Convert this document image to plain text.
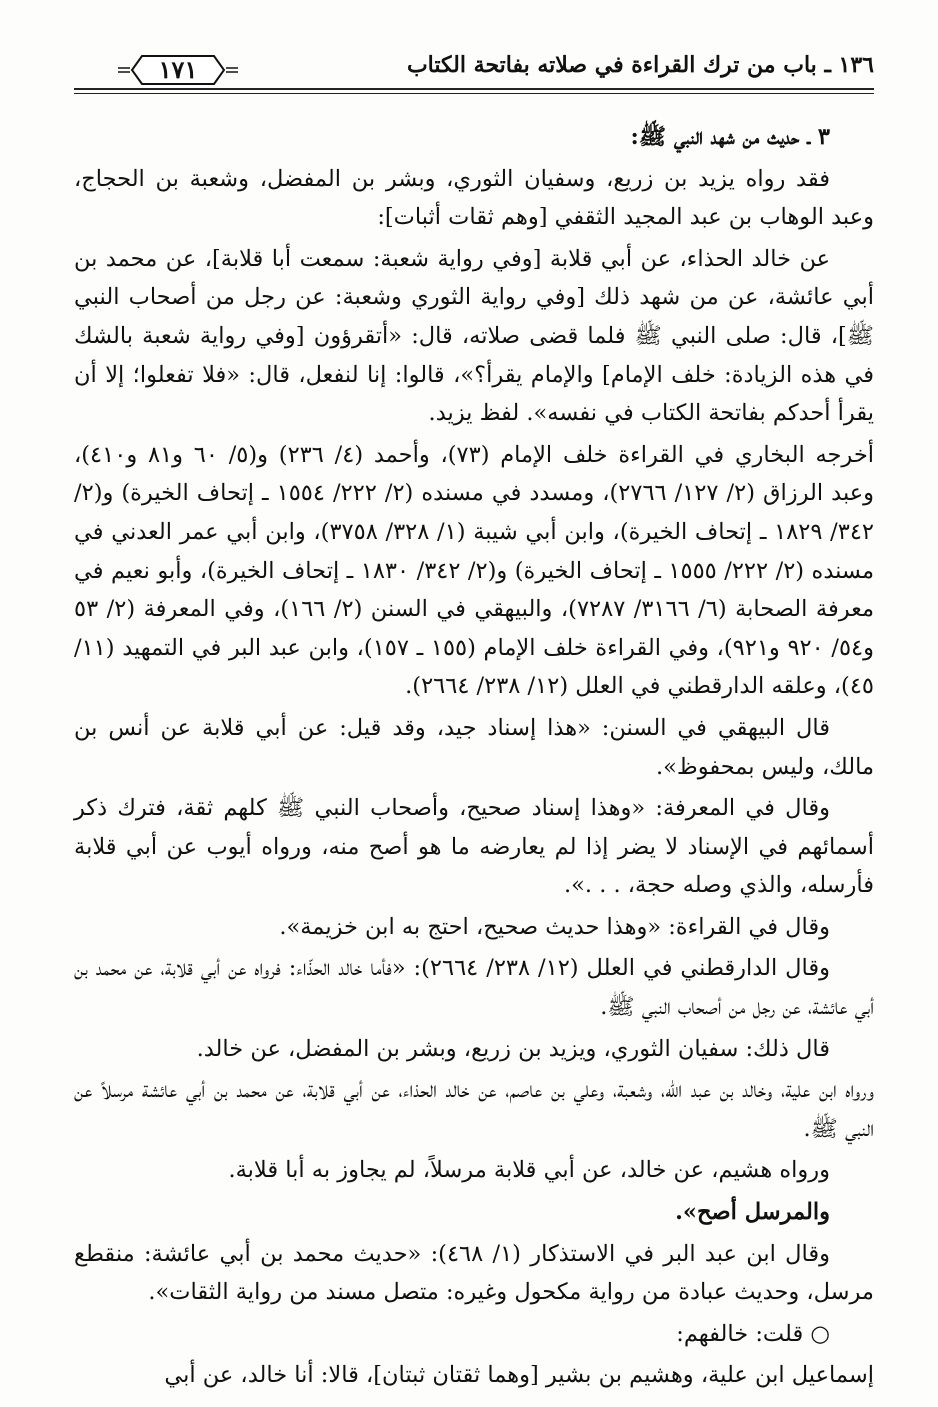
١٣٦ ـ باب من ترك القراءة في صلاته بفاتحة الكتاب
١٧١

٣ ـ حديث من شهد النبي ﷺ:

فقد رواه يزيد بن زريع، وسفيان الثوري، وبشر بن المفضل، وشعبة بن الحجاج، وعبد الوهاب بن عبد المجيد الثقفي [وهم ثقات أثبات]:

عن خالد الحذاء، عن أبي قلابة [وفي رواية شعبة: سمعت أبا قلابة]، عن محمد بن أبي عائشة، عن من شهد ذلك [وفي رواية الثوري وشعبة: عن رجل من أصحاب النبي ﷺ]، قال: صلى النبي ﷺ فلما قضى صلاته، قال: «أتقرؤون [وفي رواية شعبة بالشك في هذه الزيادة: خلف الإمام] والإمام يقرأ؟»، قالوا: إنا لنفعل، قال: «فلا تفعلوا؛ إلا أن يقرأ أحدكم بفاتحة الكتاب في نفسه». لفظ يزيد.

أخرجه البخاري في القراءة خلف الإمام (٧٣)، وأحمد (٤/ ٢٣٦) و(٥/ ٦٠ و٨١ و٤١٠)، وعبد الرزاق (٢/ ١٢٧/ ٢٧٦٦)، ومسدد في مسنده (٢/ ٢٢٢/ ١٥٥٤ ـ إتحاف الخيرة) و(٢/ ٣٤٢/ ١٨٢٩ ـ إتحاف الخيرة)، وابن أبي شيبة (١/ ٣٢٨/ ٣٧٥٨)، وابن أبي عمر العدني في مسنده (٢/ ٢٢٢/ ١٥٥٥ ـ إتحاف الخيرة) و(٢/ ٣٤٢/ ١٨٣٠ ـ إتحاف الخيرة)، وأبو نعيم في معرفة الصحابة (٦/ ٣١٦٦/ ٧٢٨٧)، والبيهقي في السنن (٢/ ١٦٦)، وفي المعرفة (٢/ ٥٣ و٥٤/ ٩٢٠ و٩٢١)، وفي القراءة خلف الإمام (١٥٥ ـ ١٥٧)، وابن عبد البر في التمهيد (١١/ ٤٥)، وعلقه الدارقطني في العلل (١٢/ ٢٣٨/ ٢٦٦٤).

قال البيهقي في السنن: «هذا إسناد جيد، وقد قيل: عن أبي قلابة عن أنس بن مالك، وليس بمحفوظ».

وقال في المعرفة: «وهذا إسناد صحيح، وأصحاب النبي ﷺ كلهم ثقة، فترك ذكر أسمائهم في الإسناد لا يضر إذا لم يعارضه ما هو أصح منه، ورواه أيوب عن أبي قلابة فأرسله، والذي وصله حجة، . . .».

وقال في القراءة: «وهذا حديث صحيح، احتج به ابن خزيمة».

وقال الدارقطني في العلل (١٢/ ٢٣٨/ ٢٦٦٤): «فأما خالد الحذّاء: فرواه عن أبي قلابة، عن محمد بن أبي عائشة، عن رجل من أصحاب النبي ﷺ.

قال ذلك: سفيان الثوري، ويزيد بن زريع، وبشر بن المفضل، عن خالد.

ورواه ابن علية، وخالد بن عبد الله، وشعبة، وعلي بن عاصم، عن خالد الحذاء، عن أبي قلابة، عن محمد بن أبي عائشة مرسلاً عن النبي ﷺ.

ورواه هشيم، عن خالد، عن أبي قلابة مرسلاً، لم يجاوز به أبا قلابة.

والمرسل أصح».

وقال ابن عبد البر في الاستذكار (١/ ٤٦٨): «حديث محمد بن أبي عائشة: منقطع مرسل، وحديث عبادة من رواية مكحول وغيره: متصل مسند من رواية الثقات».

○ قلت: خالفهم:

إسماعيل ابن علية، وهشيم بن بشير [وهما ثقتان ثبتان]، قالا: أنا خالد، عن أبي
